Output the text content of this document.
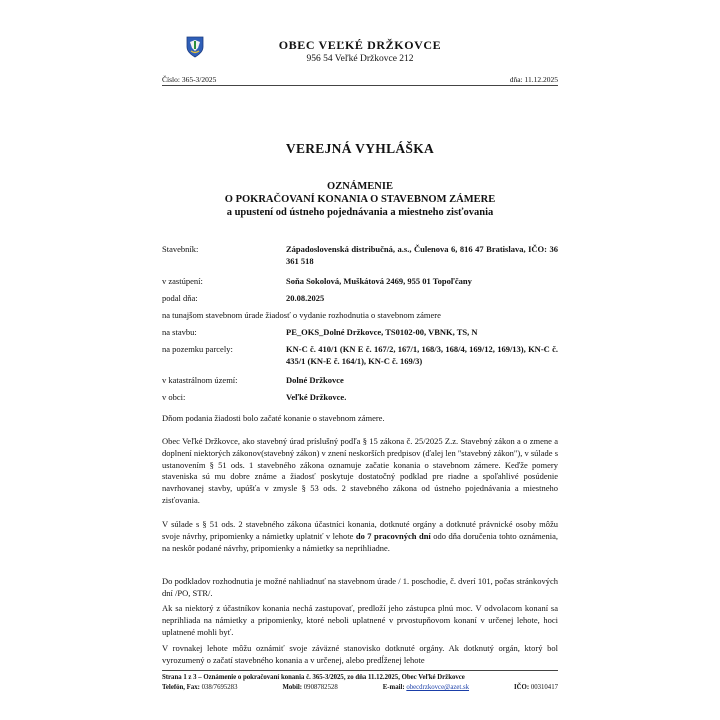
OBEC VEĽKÉ DRŽKOVCE
956 54 Veľké Držkovce 212
Číslo: 365-3/2025	dňa: 11.12.2025
VEREJNÁ VYHLÁŠKA
OZNÁMENIE
O POKRAČOVANÍ KONANIA O STAVEBNOM ZÁMERE
a upustení od ústneho pojednávania a miestneho zisťovania
Stavebník:	Západoslovenská distribučná, a.s., Čulenova 6, 816 47 Bratislava, IČO: 36 361 518
v zastúpení:	Soňa Sokolová, Muškátová 2469, 955 01 Topoľčany
podal dňa:	20.08.2025
na tunajšom stavebnom úrade žiadosť o vydanie rozhodnutia o stavebnom zámere
na stavbu:	PE_OKS_Dolné Držkovce, TS0102-00, VBNK, TS, N
na pozemku parcely:	KN-C č. 410/1 (KN E č. 167/2, 167/1, 168/3, 168/4, 169/12, 169/13), KN-C č. 435/1 (KN-E č. 164/1), KN-C č. 169/3)
v katastrálnom území:	Dolné Držkovce
v obci:	Veľké Držkovce.

Dňom podania žiadosti bolo začaté konanie o stavebnom zámere.

Obec Veľké Držkovce, ako stavebný úrad príslušný podľa § 15 zákona č. 25/2025 Z.z. Stavebný zákon a o zmene a doplnení niektorých zákonov(stavebný zákon) v znení neskorších predpisov (ďalej len "stavebný zákon"), v súlade s ustanovením § 51 ods. 1 stavebného zákona oznamuje začatie konania o stavebnom zámere. Keďže pomery staveniska sú mu dobre známe a žiadosť poskytuje dostatočný podklad pre riadne a spoľahlivé posúdenie navrhovanej stavby, upúšťa v zmysle § 53 ods. 2 stavebného zákona od ústneho pojednávania a miestneho zisťovania.

V súlade s § 51 ods. 2 stavebného zákona účastníci konania, dotknuté orgány a dotknuté právnické osoby môžu svoje návrhy, pripomienky a námietky uplatniť v lehote do 7 pracovných dní odo dňa doručenia tohto oznámenia, na neskôr podané návrhy, pripomienky a námietky sa neprihliadne.

Do podkladov rozhodnutia je možné nahliadnuť na stavebnom úrade / 1. poschodie, č. dverí 101, počas stránkových dní /PO, STR/.

Ak sa niektorý z účastníkov konania nechá zastupovať, predloží jeho zástupca plnú moc. V odvolacom konaní sa neprihliada na námietky a pripomienky, ktoré neboli uplatnené v prvostupňovom konaní v určenej lehote, hoci uplatnené mohli byť.

V rovnakej lehote môžu oznámiť svoje záväzné stanovisko dotknuté orgány. Ak dotknutý orgán, ktorý bol vyrozumený o začatí stavebného konania a v určenej, alebo predĺženej lehote

Strana 1 z 3 – Oznámenie o pokračovaní konania č. 365-3/2025, zo dňa 11.12.2025, Obec Veľké Držkovce
Telefón, Fax: 038/7695283	Mobil: 0908782528	E-mail: obecdrzkovce@azet.sk	IČO: 00310417
